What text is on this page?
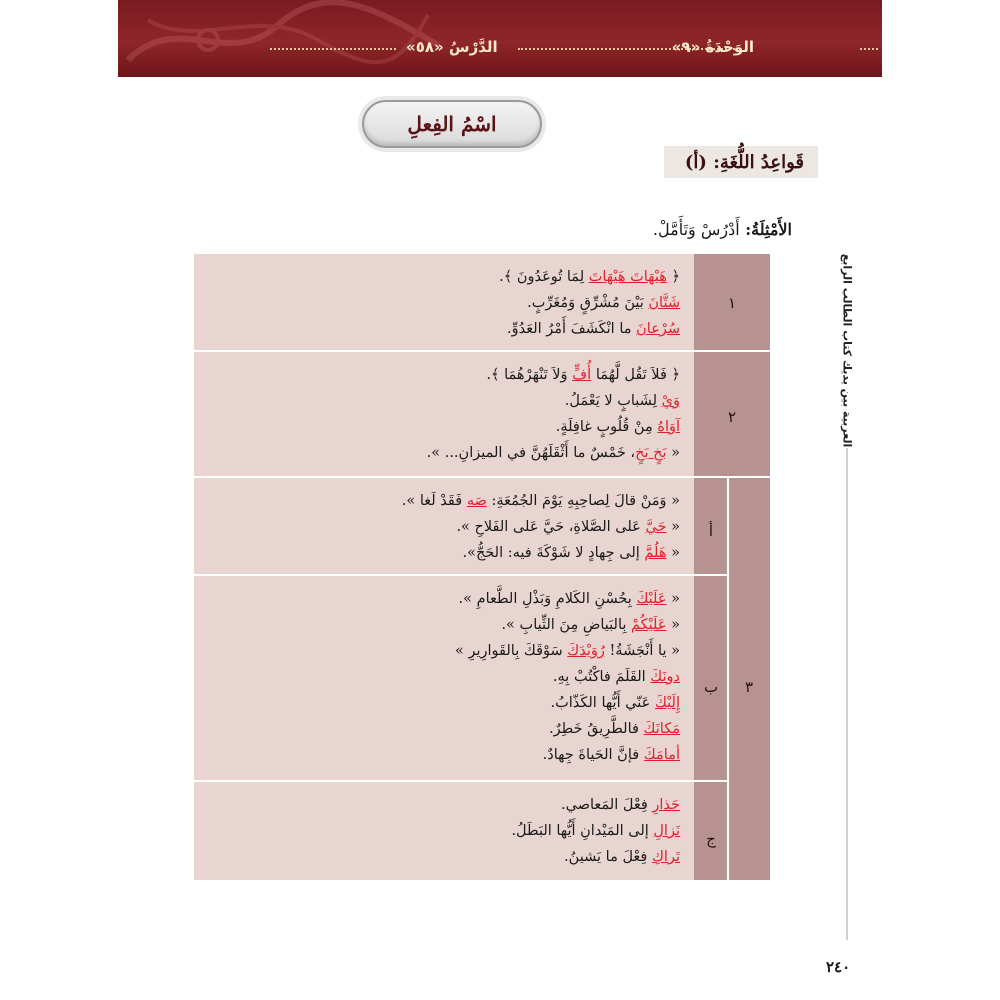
الدَّرْسُ «٥٨»	الوَحْدَةُ «٩»
اسْمُ الفِعلِ
قَواعِدُ اللُّغَةِ: (أ)
الأَمْثِلَةُ: أَدْرُسْ وَتَأَمَّلْ.
العربية بين يديك كتاب الطالب الرابع
﴿ هَيْهَاتَ هَيْهَاتَ لِمَا تُوعَدُونَ ﴾.
شَتَّانَ بَيْنَ مُشْرِّقٍ وَمُغَرِّبٍ.
سُرْعانَ ما انْكَشَفَ أَمْرُ العَدُوِّ.
١
﴿ فَلاَ تَقُل لَّهُمَا أُفٍّ وَلاَ تَنْهَرْهُمَا ﴾.
وَيْ لِشَبابٍ لا يَعْمَلُ.
آوَاهُ مِنْ قُلُوبٍ غافِلَةٍ.
« بَخٍ بَخٍ، خَمْسٌ ما أَثْقَلَهُنَّ في الميزانِ... ».
٢
« وَمَنْ قالَ لِصاحِبِهِ يَوْمَ الجُمُعَةِ: صَه فَقَدْ لَغا ».
« حَيَّ عَلى الصَّلاةِ، حَيَّ عَلى الفَلاحِ ».
« هَلُمَّ إلى جِهادٍ لا شَوْكَةَ فيه: الحَجُّ».
أ
« عَلَيْكَ بِحُسْنِ الكَلامِ وَبَذْلِ الطَّعامِ ».
« عَلَيْكُمْ بِالبَياضِ مِنَ الثِّيابِ ».
« يا أَنْجَشَةُ! رُوَيْدَكَ سَوْقَكَ بِالقَوارِيرِ »
دونَكَ القَلَمَ فاكْتُبْ بِهِ.
إِلَيْكَ عَنّي أَيُّها الكَذّابُ.
مَكانَكَ فالطَّرِيقُ خَطِرٌ.
أمامَكَ فإنَّ الحَياةَ جِهادٌ.
ب	٣
حَذارِ فِعْلَ المَعاصي.
نَزالِ إلى المَيْدانِ أَيُّها البَطَلُ.
تَراكِ فِعْلَ ما يَشينُ.
ج
٢٤٠
